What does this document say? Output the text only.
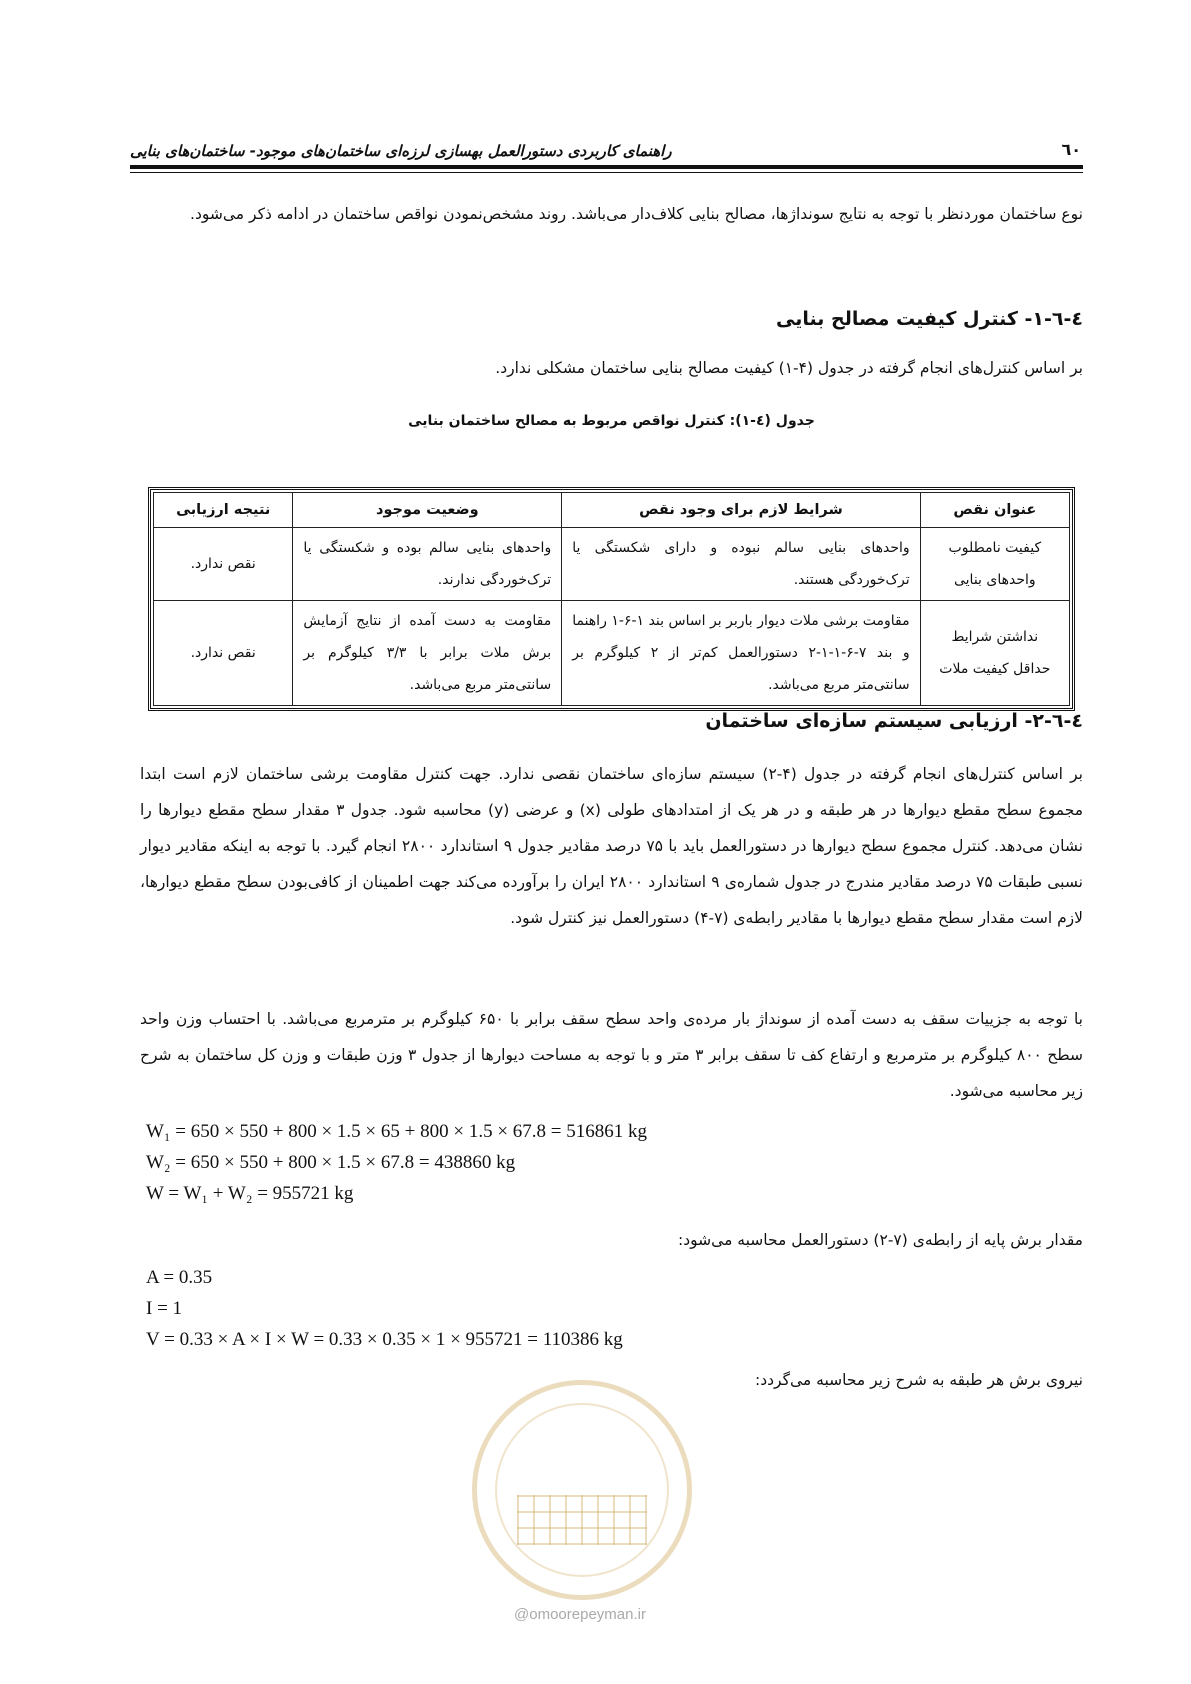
راهنمای کاربردی دستورالعمل بهسازی لرزه‌ای ساختمان‌های موجود- ساختمان‌های بنایی	٦٠
نوع ساختمان موردنظر با توجه به نتایج سونداژها، مصالح بنایی کلاف‌دار می‌باشد. روند مشخص‌نمودن نواقص ساختمان در ادامه ذکر می‌شود.
٤-٦-١- کنترل کیفیت مصالح بنایی
بر اساس کنترل‌های انجام گرفته در جدول (۴-۱) کیفیت مصالح بنایی ساختمان مشکلی ندارد.
جدول (٤-١): کنترل نواقص مربوط به مصالح ساختمان بنایی
عنوان نقص	شرایط لازم برای وجود نقص	وضعیت موجود	نتیجه ارزیابی
کیفیت نامطلوب واحدهای بنایی	واحدهای بنایی سالم نبوده و دارای شکستگی یا ترک‌خوردگی هستند.	واحدهای بنایی سالم بوده و شکستگی یا ترک‌خوردگی ندارند.	نقص ندارد.
نداشتن شرایط حداقل کیفیت ملات	مقاومت برشی ملات دیوار باربر بر اساس بند ۱-۶-۱ راهنما و بند ۷-۶-۱-۱-۲ دستورالعمل کم‌تر از ۲ کیلوگرم بر سانتی‌متر مربع می‌باشد.	مقاومت به دست آمده از نتایج آزمایش برش ملات برابر با ۳/۳ کیلوگرم بر سانتی‌متر مربع می‌باشد.	نقص ندارد.
٤-٦-٢- ارزیابی سیستم سازه‌ای ساختمان
بر اساس کنترل‌های انجام گرفته در جدول (۴-۲) سیستم سازه‌ای ساختمان نقصی ندارد. جهت کنترل مقاومت برشی ساختمان لازم است ابتدا مجموع سطح مقطع دیوارها در هر طبقه و در هر یک از امتدادهای طولی (x) و عرضی (y) محاسبه شود. جدول ۳ مقدار سطح مقطع دیوارها را نشان می‌دهد. کنترل مجموع سطح دیوارها در دستورالعمل باید با ۷۵ درصد مقادیر جدول ۹ استاندارد ۲۸۰۰ انجام گیرد. با توجه به اینکه مقادیر دیوار نسبی طبقات ۷۵ درصد مقادیر مندرج در جدول شماره‌ی ۹ استاندارد ۲۸۰۰ ایران را برآورده می‌کند جهت اطمینان از کافی‌بودن سطح مقطع دیوارها، لازم است مقدار سطح مقطع دیوارها با مقادیر رابطه‌ی (۷-۴) دستورالعمل نیز کنترل شود.
با توجه به جزییات سقف به دست آمده از سونداژ بار مرده‌ی واحد سطح سقف برابر با ۶۵۰ کیلوگرم بر مترمربع می‌باشد. با احتساب وزن واحد سطح ۸۰۰ کیلوگرم بر مترمربع و ارتفاع کف تا سقف برابر ۳ متر و با توجه به مساحت دیوارها از جدول ۳ وزن طبقات و وزن کل ساختمان به شرح زیر محاسبه می‌شود.
W₁ = 650 × 550 + 800 × 1.5 × 65 + 800 × 1.5 × 67.8 = 516861 kg
W₂ = 650 × 550 + 800 × 1.5 × 67.8 = 438860 kg
W = W₁ + W₂ = 955721 kg
مقدار برش پایه از رابطه‌ی (۷-۲) دستورالعمل محاسبه می‌شود:
A = 0.35
I = 1
V = 0.33 × A × I × W = 0.33 × 0.35 × 1 × 955721 = 110386 kg
نیروی برش هر طبقه به شرح زیر محاسبه می‌گردد:
@omoorepeyman.ir
